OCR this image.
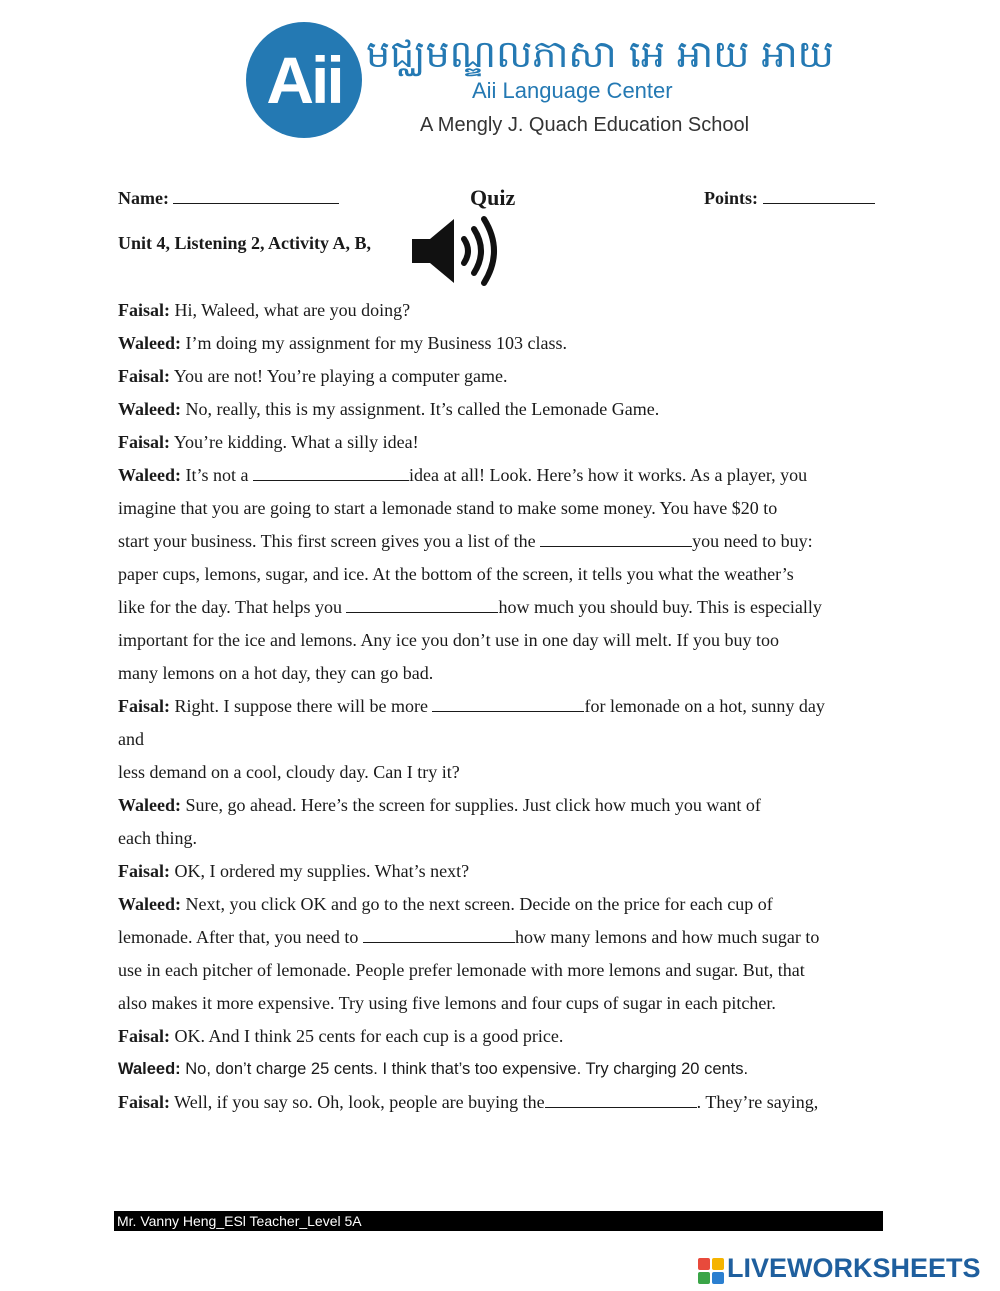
Aii មជ្ឈមណ្ឌលភាសា អេ អាយ អាយ
Aii Language Center
A Mengly J. Quach Education School
Name:	Quiz	Points:
Unit 4, Listening 2, Activity A, B,
Faisal: Hi, Waleed, what are you doing?
Waleed: I’m doing my assignment for my Business 103 class.
Faisal: You are not! You’re playing a computer game.
Waleed: No, really, this is my assignment. It’s called the Lemonade Game.
Faisal: You’re kidding. What a silly idea!
Waleed: It’s not a	idea at all! Look. Here’s how it works. As a player, you
imagine that you are going to start a lemonade stand to make some money. You have $20 to
start your business. This first screen gives you a list of the	you need to buy:
paper cups, lemons, sugar, and ice. At the bottom of the screen, it tells you what the weather’s
like for the day. That helps you	how much you should buy. This is especially
important for the ice and lemons. Any ice you don’t use in one day will melt. If you buy too
many lemons on a hot day, they can go bad.
Faisal: Right. I suppose there will be more	for lemonade on a hot, sunny day
and
less demand on a cool, cloudy day. Can I try it?
Waleed: Sure, go ahead. Here’s the screen for supplies. Just click how much you want of
each thing.
Faisal: OK, I ordered my supplies. What’s next?
Waleed: Next, you click OK and go to the next screen. Decide on the price for each cup of
lemonade. After that, you need to	how many lemons and how much sugar to
use in each pitcher of lemonade. People prefer lemonade with more lemons and sugar. But, that
also makes it more expensive. Try using five lemons and four cups of sugar in each pitcher.
Faisal: OK. And I think 25 cents for each cup is a good price.
Waleed: No, don’t charge 25 cents. I think that’s too expensive. Try charging 20 cents.
Faisal: Well, if you say so. Oh, look, people are buying the	. They’re saying,
Mr. Vanny Heng_ESl Teacher_Level 5A
LIVEWORKSHEETS
